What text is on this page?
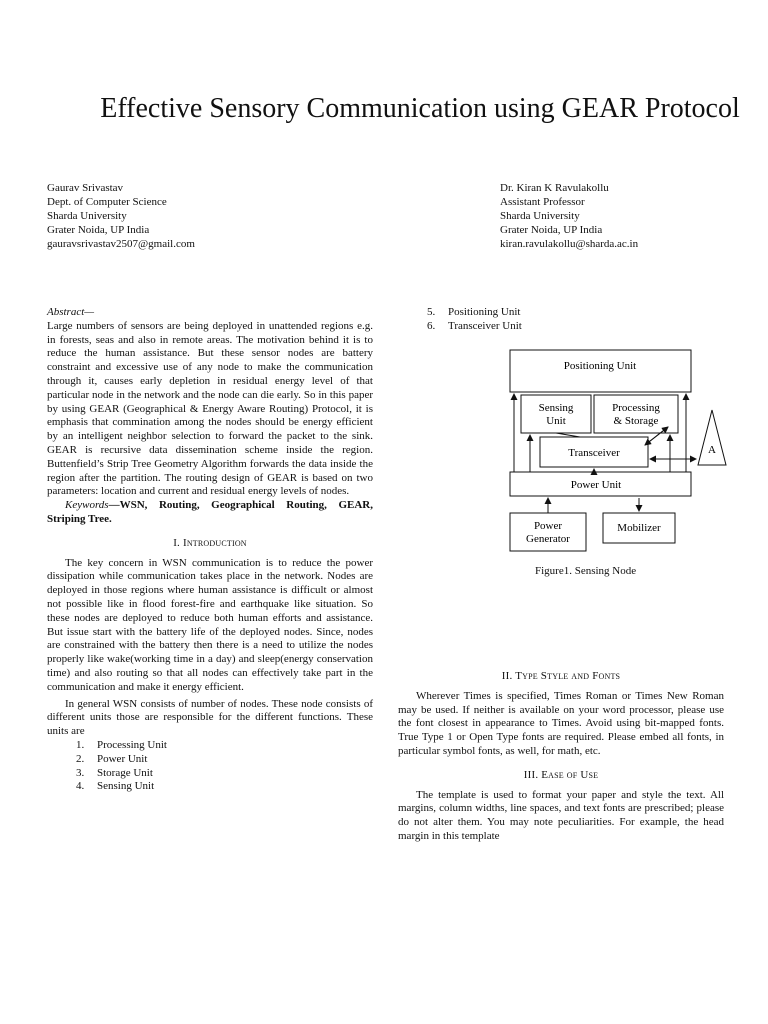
Effective Sensory Communication using GEAR Protocol
Gaurav Srivastav
Dept. of Computer Science
Sharda University
Grater Noida, UP India
gauravsrivastav2507@gmail.com
Dr. Kiran K Ravulakollu
Assistant Professor
Sharda University
Grater Noida, UP India
kiran.ravulakollu@sharda.ac.in

Abstract—

Large numbers of sensors are being deployed in unattended regions e.g. in forests, seas and also in remote areas. The motivation behind it is to reduce the human assistance. But these sensor nodes are battery constraint and excessive use of any node to make the communication through it, causes early depletion in residual energy level of that particular node in the network and the node can die early. So in this paper by using GEAR (Geographical & Energy Aware Routing) Protocol, it is emphasis that commination among the nodes should be energy efficient by an intelligent neighbor selection to forward the packet to the sink. GEAR is recursive data dissemination scheme inside the region. Buttenfield’s Strip Tree Geometry Algorithm forwards the data inside the region after the partition. The routing design of GEAR is based on two parameters: location and current and residual energy levels of nodes.

Keywords—WSN, Routing, Geographical Routing, GEAR, Striping Tree.

I. Introduction

The key concern in WSN communication is to reduce the power dissipation while communication takes place in the network. Nodes are deployed in those regions where human assistance is difficult or almost not possible like in flood forest-fire and earthquake like situation. So these nodes are deployed to reduce both human efforts and assistance. But issue start with the battery life of the deployed nodes. Since, nodes are constrained with the battery then there is a need to utilize the nodes properly like wake(working time in a day) and sleep(energy conservation time) and also routing so that all nodes can effectively take part in the communication and make it energy efficient.

In general WSN consists of number of nodes. These node consists of different units those are responsible for the different functions. These units are

1. Processing Unit
2. Power Unit
3. Storage Unit
4. Sensing Unit
5. Positioning Unit
6. Transceiver Unit
Positioning Unit
Sensing
Unit
Processing
& Storage
Transceiver	A
Power Unit
Power
Generator
Mobilizer
Figure1. Sensing Node
II. Type Style and Fonts

Wherever Times is specified, Times Roman or Times New Roman may be used. If neither is available on your word processor, please use the font closest in appearance to Times. Avoid using bit-mapped fonts. True Type 1 or Open Type fonts are required. Please embed all fonts, in particular symbol fonts, as well, for math, etc.

III. Ease of Use

The template is used to format your paper and style the text. All margins, column widths, line spaces, and text fonts are prescribed; please do not alter them. You may note peculiarities. For example, the head margin in this template
